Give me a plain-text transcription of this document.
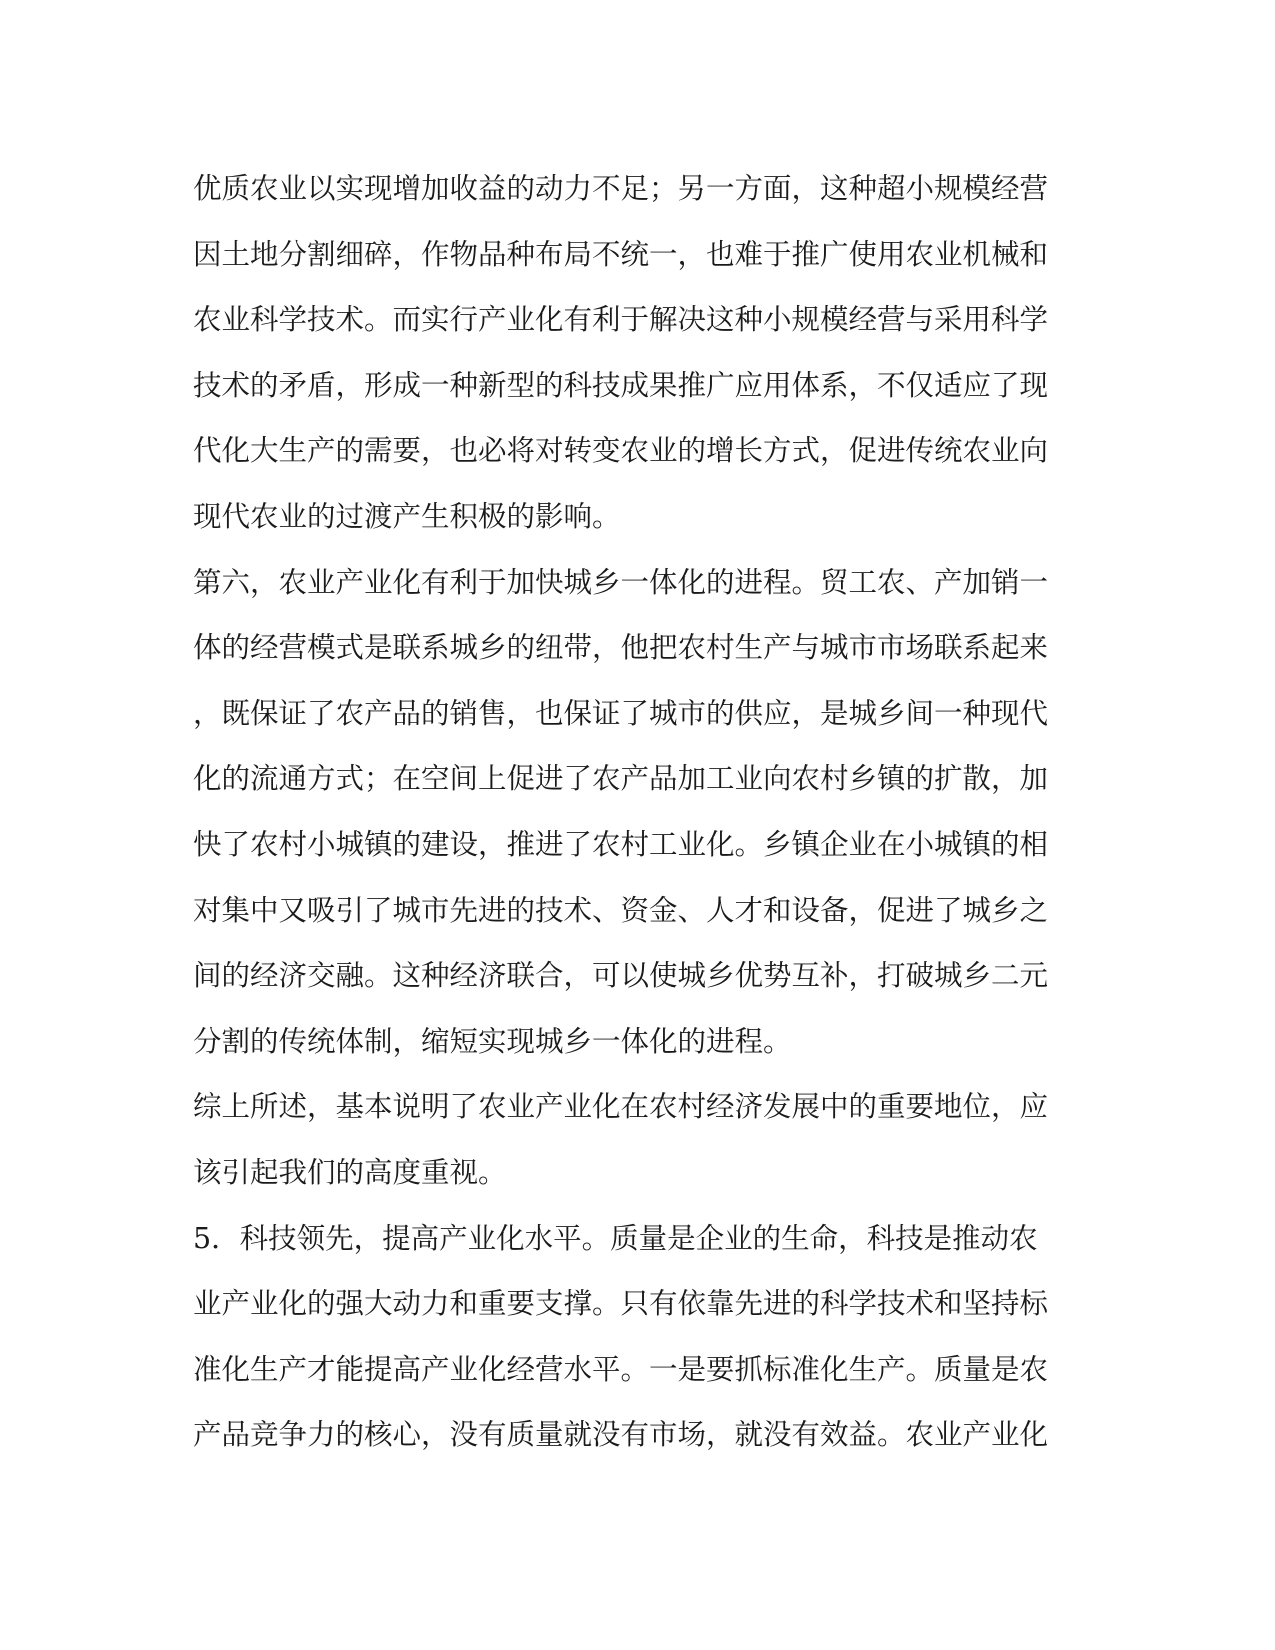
优质农业以实现增加收益的动力不足；另一方面，这种超小规模经营
因土地分割细碎，作物品种布局不统一，也难于推广使用农业机械和
农业科学技术。而实行产业化有利于解决这种小规模经营与采用科学
技术的矛盾，形成一种新型的科技成果推广应用体系，不仅适应了现
代化大生产的需要，也必将对转变农业的增长方式，促进传统农业向
现代农业的过渡产生积极的影响。
第六，农业产业化有利于加快城乡一体化的进程。贸工农、产加销一
体的经营模式是联系城乡的纽带，他把农村生产与城市市场联系起来
，既保证了农产品的销售，也保证了城市的供应，是城乡间一种现代
化的流通方式；在空间上促进了农产品加工业向农村乡镇的扩散，加
快了农村小城镇的建设，推进了农村工业化。乡镇企业在小城镇的相
对集中又吸引了城市先进的技术、资金、人才和设备，促进了城乡之
间的经济交融。这种经济联合，可以使城乡优势互补，打破城乡二元
分割的传统体制，缩短实现城乡一体化的进程。
综上所述，基本说明了农业产业化在农村经济发展中的重要地位，应
该引起我们的高度重视。
5．科技领先，提高产业化水平。质量是企业的生命，科技是推动农
业产业化的强大动力和重要支撑。只有依靠先进的科学技术和坚持标
准化生产才能提高产业化经营水平。一是要抓标准化生产。质量是农
产品竞争力的核心，没有质量就没有市场，就没有效益。农业产业化
